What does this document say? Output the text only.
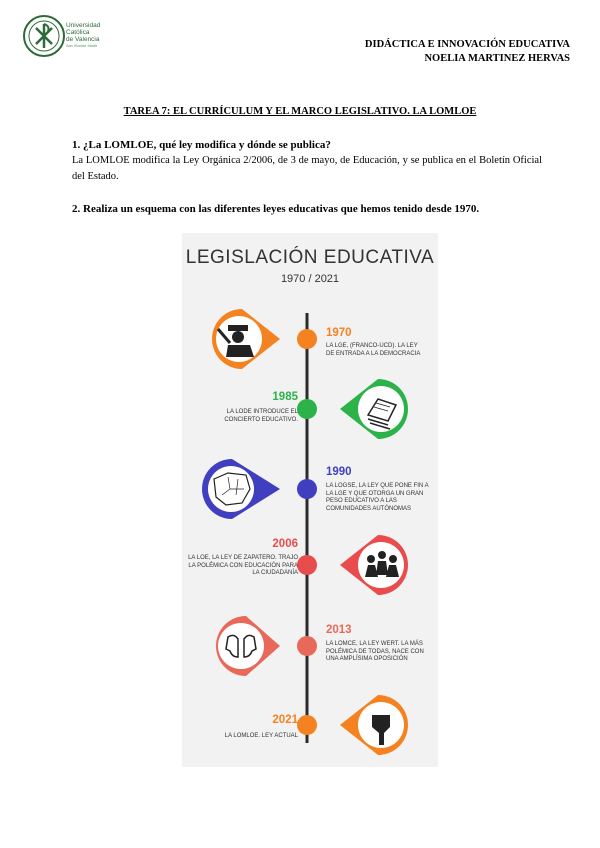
Universidad
Católica
de Valencia
San Vicente Mártir	DIDÁCTICA E INNOVACIÓN EDUCATIVA
NOELIA MARTINEZ HERVAS
TAREA 7: EL CURRÍCULUM Y EL MARCO LEGISLATIVO. LA LOMLOE
1. ¿La LOMLOE, qué ley modifica y dónde se publica?
La LOMLOE modifica la Ley Orgánica 2/2006, de 3 de mayo, de Educación, y se publica en el Boletín Oficial del Estado.
2. Realiza un esquema con las diferentes leyes educativas que hemos tenido desde 1970.
LEGISLACIÓN EDUCATIVA
1970 / 2021
1970
LA LGE, (FRANCO-UCD). LA LEY DE ENTRADA A LA DEMOCRACIA
1985
LA LODE INTRODUCE EL CONCIERTO EDUCATIVO.
1990
LA LOGSE, LA LEY QUE PONE FIN A LA LGE Y QUE OTORGA UN GRAN PESO EDUCATIVO A LAS COMUNIDADES AUTÓNOMAS
2006
LA LOE, LA LEY DE ZAPATERO. TRAJO LA POLÉMICA CON EDUCACIÓN PARA LA CIUDADANÍA
2013
LA LOMCE, LA LEY WERT. LA MÁS POLÉMICA DE TODAS, NACE CON UNA AMPLÍSIMA OPOSICIÓN
2021
LA LOMLOE. LEY ACTUAL
